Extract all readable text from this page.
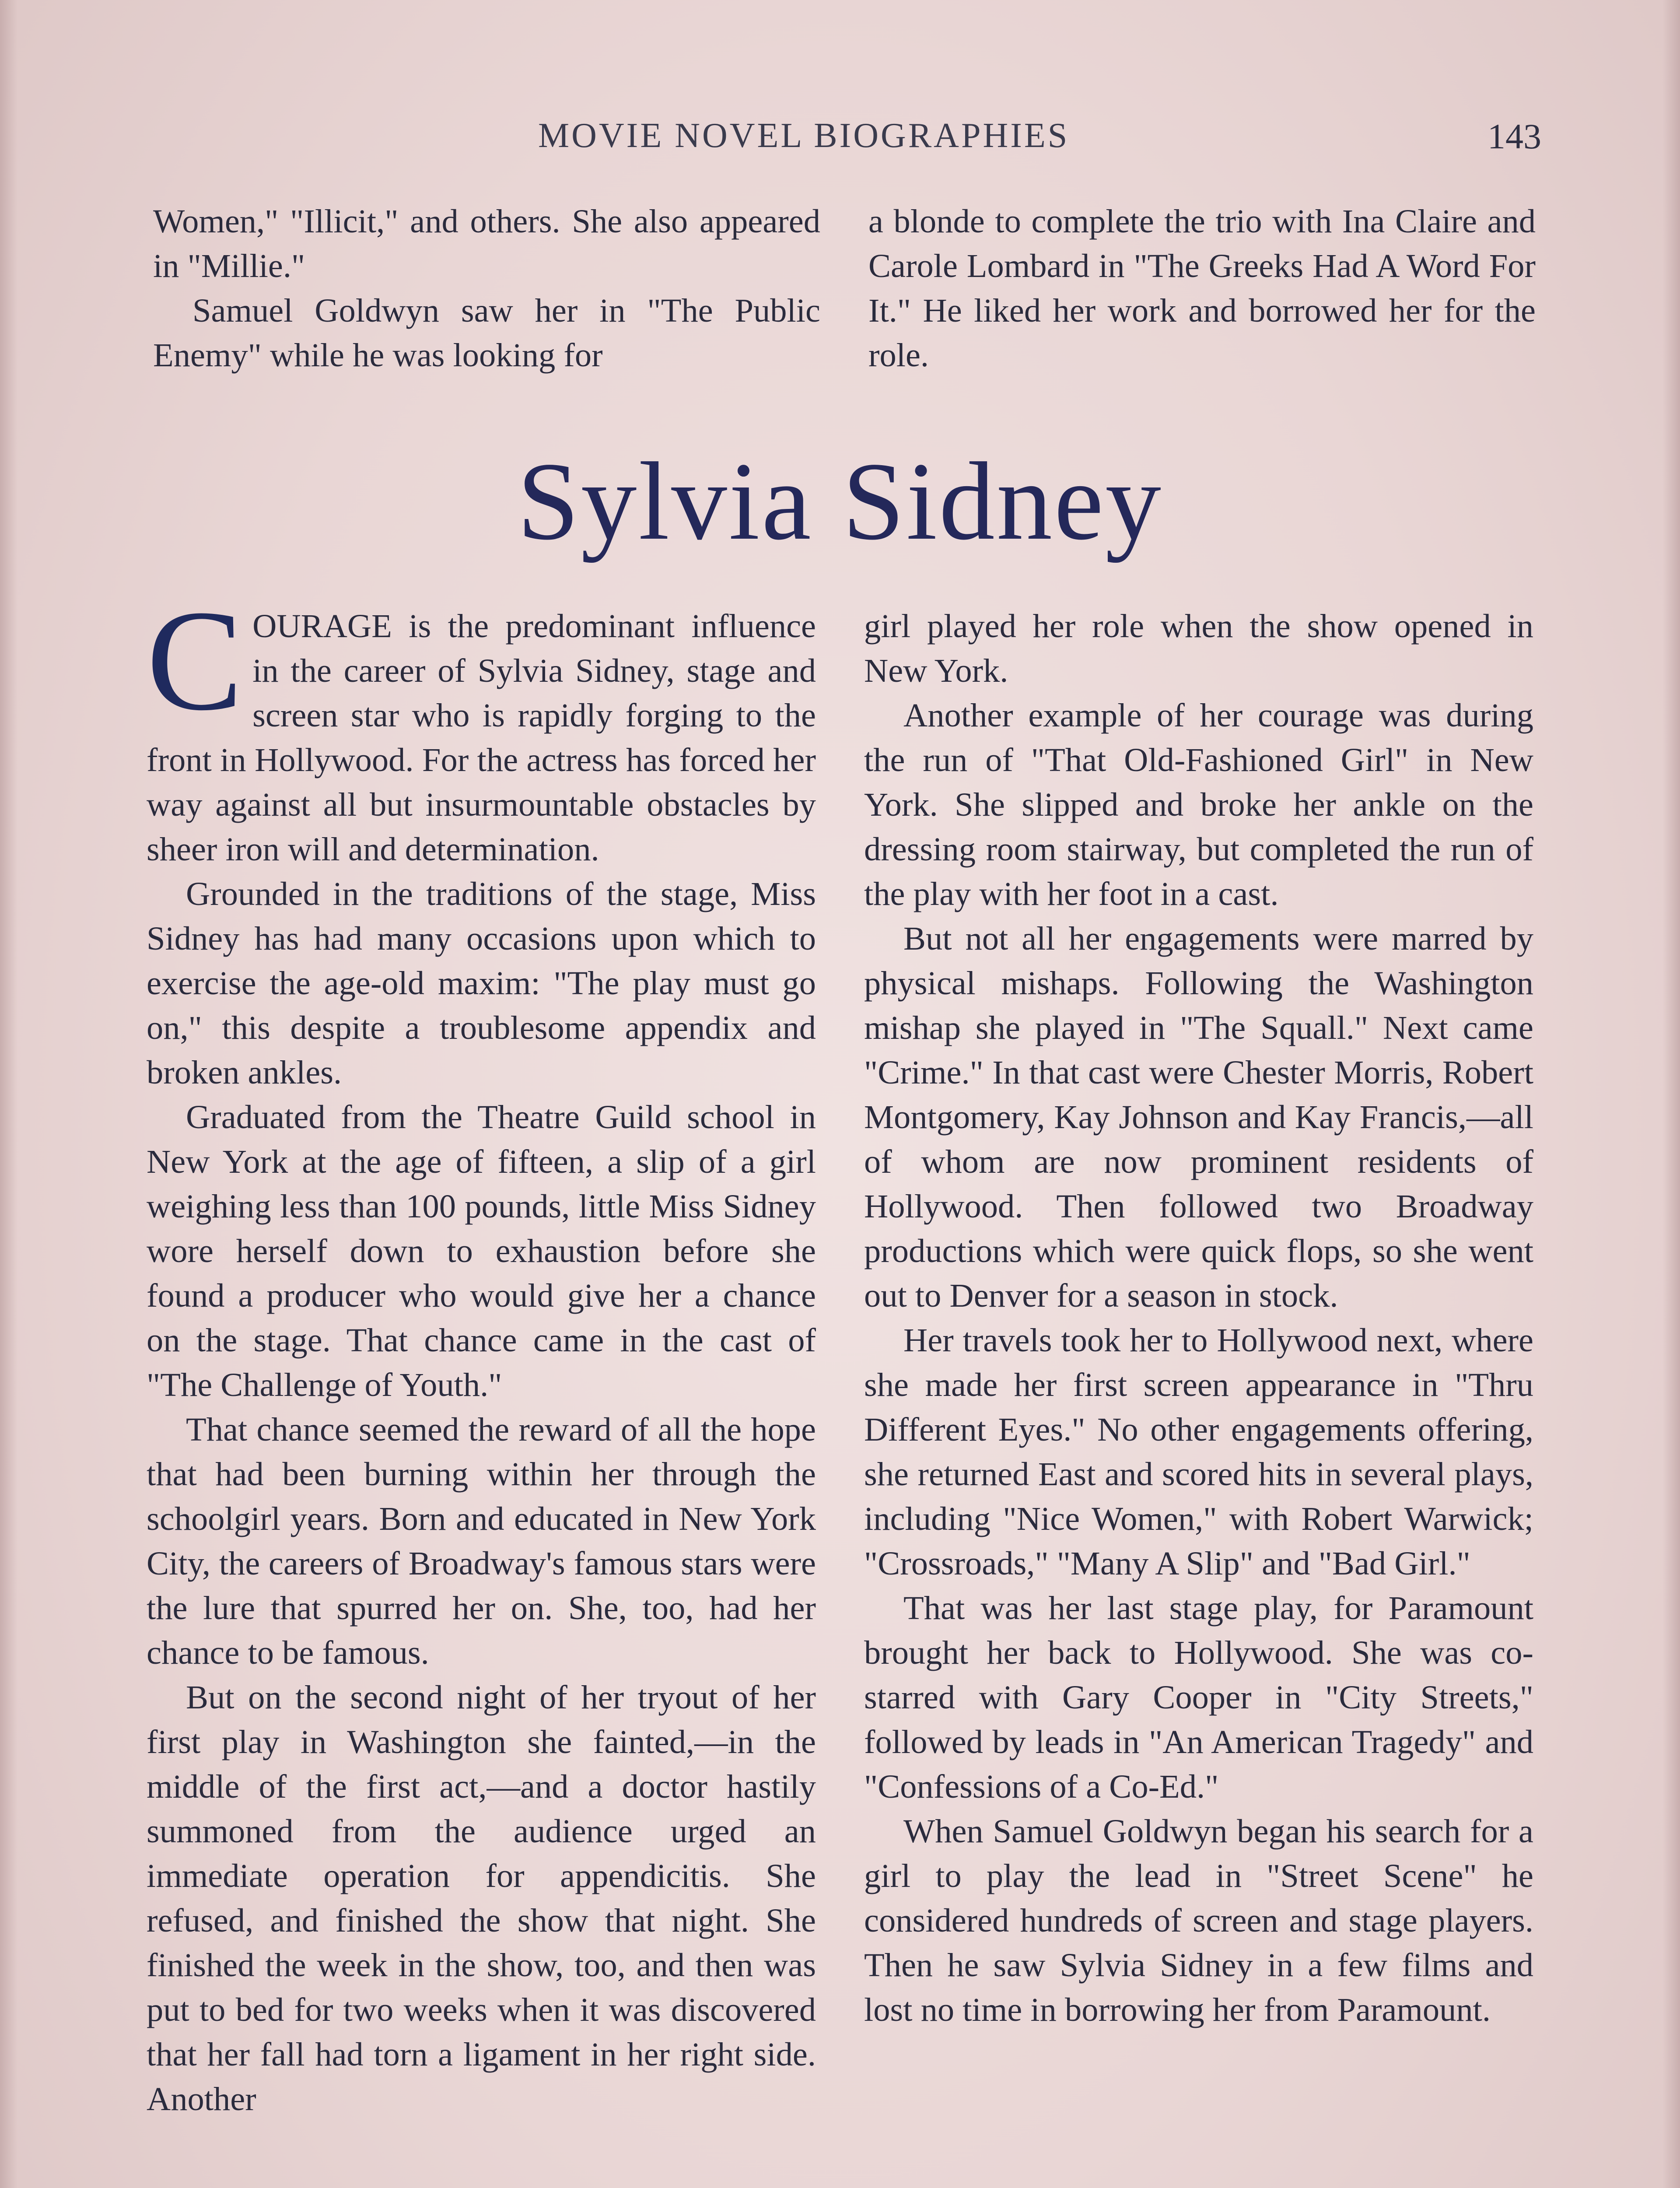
MOVIE NOVEL BIOGRAPHIES	143

Women," "Illicit," and others. She also appeared in "Millie."

Samuel Goldwyn saw her in "The Public Enemy" while he was looking for

a blonde to complete the trio with Ina Claire and Carole Lombard in "The Greeks Had A Word For It." He liked her work and borrowed her for the role.

Sylvia Sidney

COURAGE is the predominant influence in the career of Sylvia Sidney, stage and screen star who is rapidly forging to the front in Hollywood. For the actress has forced her way against all but insurmountable obstacles by sheer iron will and determination.

Grounded in the traditions of the stage, Miss Sidney has had many occasions upon which to exercise the age-old maxim: "The play must go on," this despite a troublesome appendix and broken ankles.

Graduated from the Theatre Guild school in New York at the age of fifteen, a slip of a girl weighing less than 100 pounds, little Miss Sidney wore herself down to exhaustion before she found a producer who would give her a chance on the stage. That chance came in the cast of "The Challenge of Youth."

That chance seemed the reward of all the hope that had been burning within her through the schoolgirl years. Born and educated in New York City, the careers of Broadway's famous stars were the lure that spurred her on. She, too, had her chance to be famous.

But on the second night of her tryout of her first play in Washington she fainted,—in the middle of the first act,—and a doctor hastily summoned from the audience urged an immediate operation for appendicitis. She refused, and finished the show that night. She finished the week in the show, too, and then was put to bed for two weeks when it was discovered that her fall had torn a ligament in her right side. Another

girl played her role when the show opened in New York.

Another example of her courage was during the run of "That Old-Fashioned Girl" in New York. She slipped and broke her ankle on the dressing room stairway, but completed the run of the play with her foot in a cast.

But not all her engagements were marred by physical mishaps. Following the Washington mishap she played in "The Squall." Next came "Crime." In that cast were Chester Morris, Robert Montgomery, Kay Johnson and Kay Francis,—all of whom are now prominent residents of Hollywood. Then followed two Broadway productions which were quick flops, so she went out to Denver for a season in stock.

Her travels took her to Hollywood next, where she made her first screen appearance in "Thru Different Eyes." No other engagements offering, she returned East and scored hits in several plays, including "Nice Women," with Robert Warwick; "Crossroads," "Many A Slip" and "Bad Girl."

That was her last stage play, for Paramount brought her back to Hollywood. She was co-starred with Gary Cooper in "City Streets," followed by leads in "An American Tragedy" and "Confessions of a Co-Ed."

When Samuel Goldwyn began his search for a girl to play the lead in "Street Scene" he considered hundreds of screen and stage players. Then he saw Sylvia Sidney in a few films and lost no time in borrowing her from Paramount.
